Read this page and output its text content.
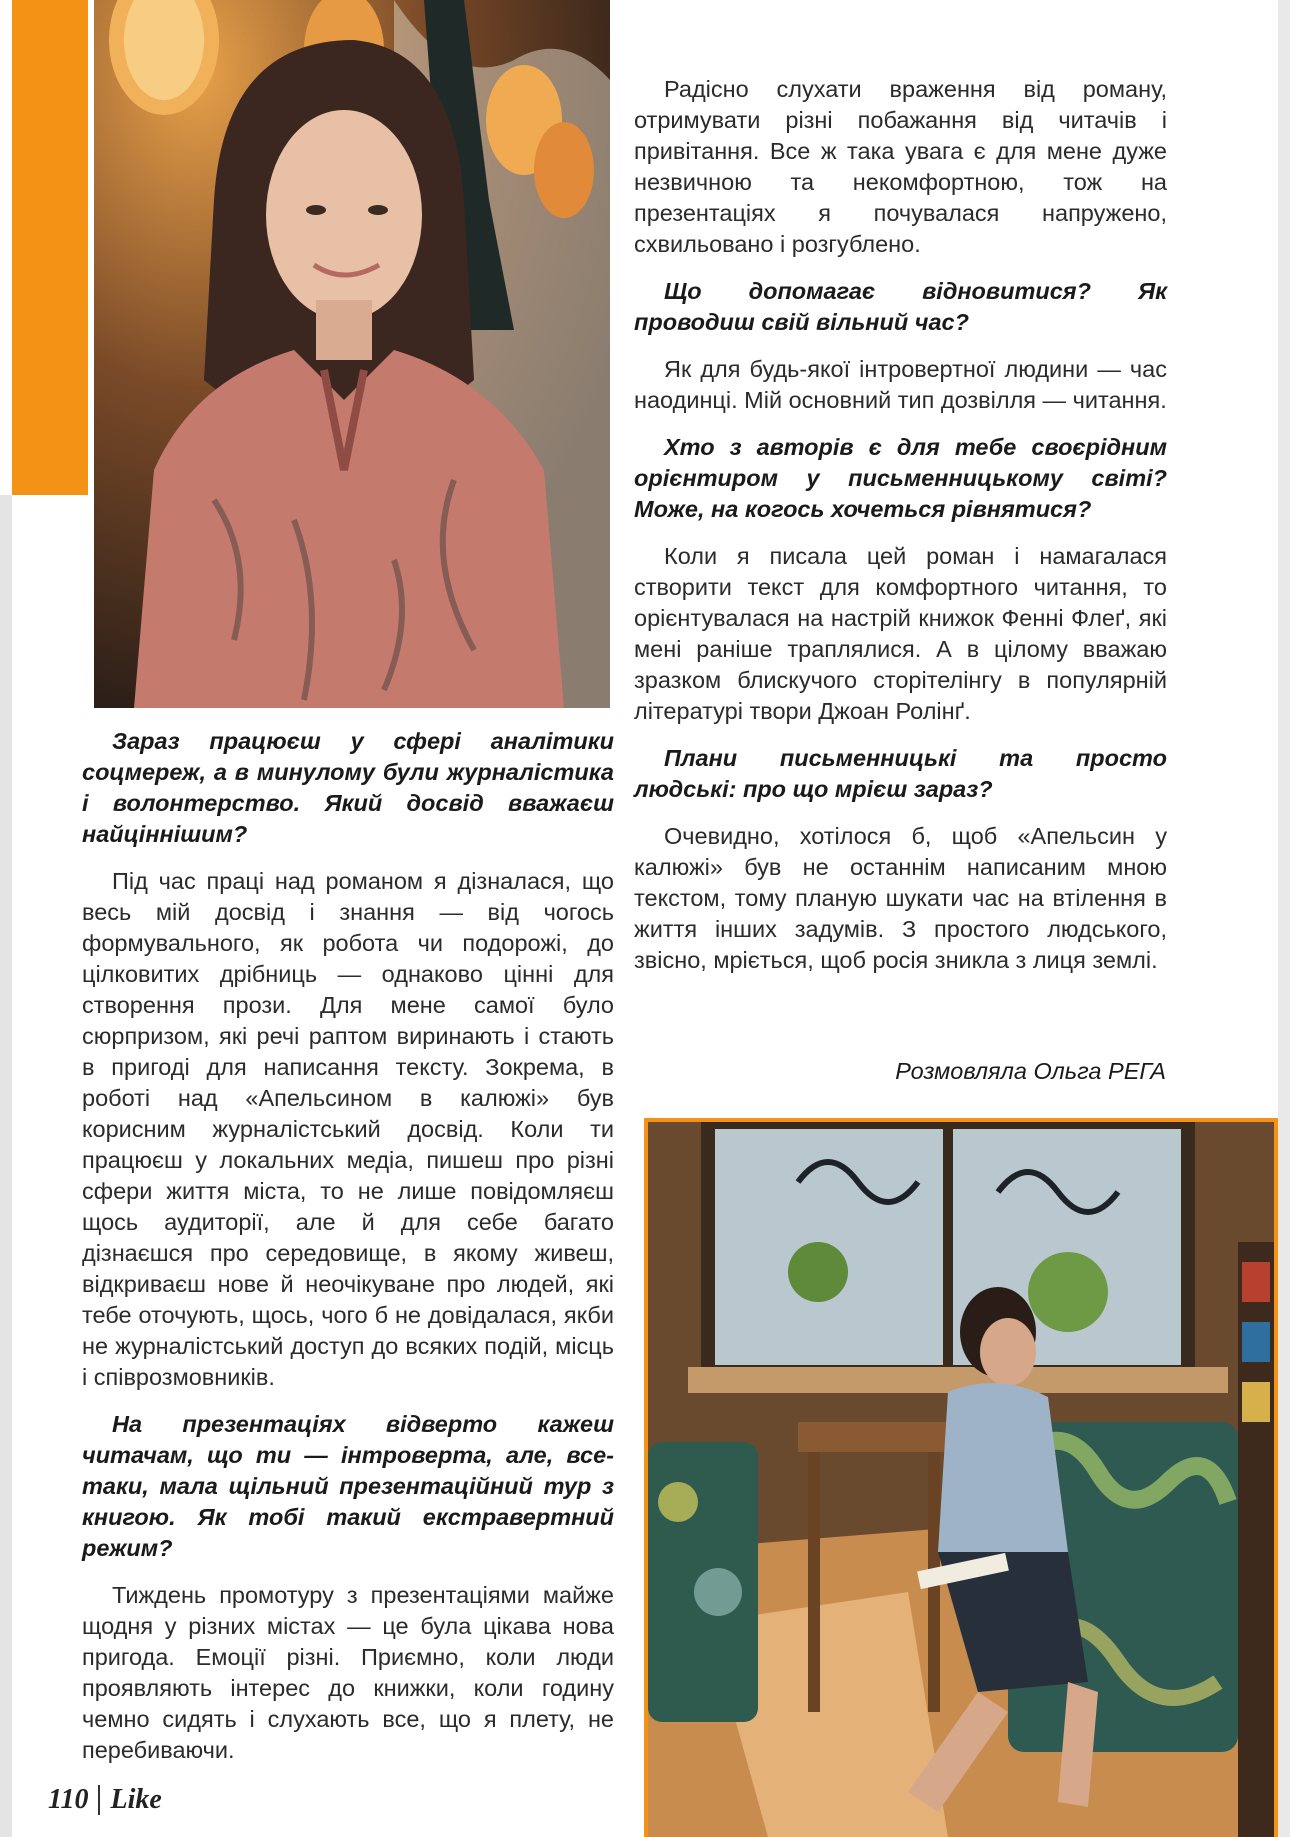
Зараз працюєш у сфері аналітики соцмереж, а в минулому були журналістика і волонтерство. Який досвід вважаєш найціннішим?

Під час праці над романом я дізналася, що весь мій досвід і знання — від чогось формувального, як робота чи подорожі, до цілковитих дрібниць — однаково цінні для створення прози. Для мене самої було сюрпризом, які речі раптом виринають і стають в пригоді для написання тексту. Зокрема, в роботі над «Апельсином в калюжі» був корисним журналістський досвід. Коли ти працюєш у локальних медіа, пишеш про різні сфери життя міста, то не лише повідомляєш щось аудиторії, але й для себе багато дізнаєшся про середовище, в якому живеш, відкриваєш нове й неочікуване про людей, які тебе оточують, щось, чого б не довідалася, якби не журналістський доступ до всяких подій, місць і співрозмовників.

На презентаціях відверто кажеш читачам, що ти — інтроверта, але, все-таки, мала щільний презентаційний тур з книгою. Як тобі такий екстравертний режим?

Тиждень промотуру з презентаціями майже щодня у різних містах — це була цікава нова пригода. Емоції різні. Приємно, коли люди проявляють інтерес до книжки, коли годину чемно сидять і слухають все, що я плету, не перебиваючи.

Радісно слухати враження від роману, отримувати різні побажання від читачів і привітання. Все ж така увага є для мене дуже незвичною та некомфортною, тож на презентаціях я почувалася напружено, схвильовано і розгублено.

Що допомагає відновитися? Як проводиш свій вільний час?

Як для будь-якої інтровертної людини — час наодинці. Мій основний тип дозвілля — читання.

Хто з авторів є для тебе своєрідним орієнтиром у письменницькому світі? Може, на когось хочеться рівнятися?

Коли я писала цей роман і намагалася створити текст для комфортного читання, то орієнтувалася на настрій книжок Фенні Флеґ, які мені раніше траплялися. А в цілому вважаю зразком блискучого сторітелінгу в популярній літературі твори Джоан Ролінґ.

Плани письменницькі та просто людські: про що мрієш зараз?

Очевидно, хотілося б, щоб «Апельсин у калюжі» був не останнім написаним мною текстом, тому планую шукати час на втілення в життя інших задумів. З простого людського, звісно, мріється, щоб росія зникла з лиця землі.

Розмовляла Ольга РЕГА
110 Like
